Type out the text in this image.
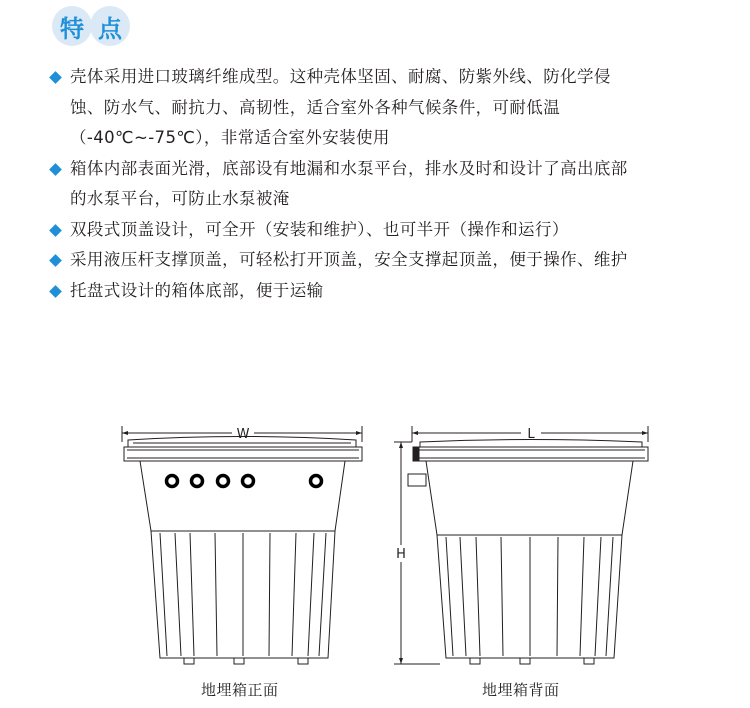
特 点
壳体采用进口玻璃纤维成型。这种壳体坚固、耐腐、防紫外线、防化学侵蚀、防水气、耐抗力、高韧性，适合室外各种气候条件，可耐低温（-40℃~-75℃），非常适合室外安装使用
箱体内部表面光滑，底部设有地漏和水泵平台，排水及时和设计了高出底部的水泵平台，可防止水泵被淹
双段式顶盖设计，可全开（安装和维护）、也可半开（操作和运行）
采用液压杆支撑顶盖，可轻松打开顶盖，安全支撑起顶盖，便于操作、维护
托盘式设计的箱体底部，便于运输
W	L
H
地埋箱正面	地埋箱背面
